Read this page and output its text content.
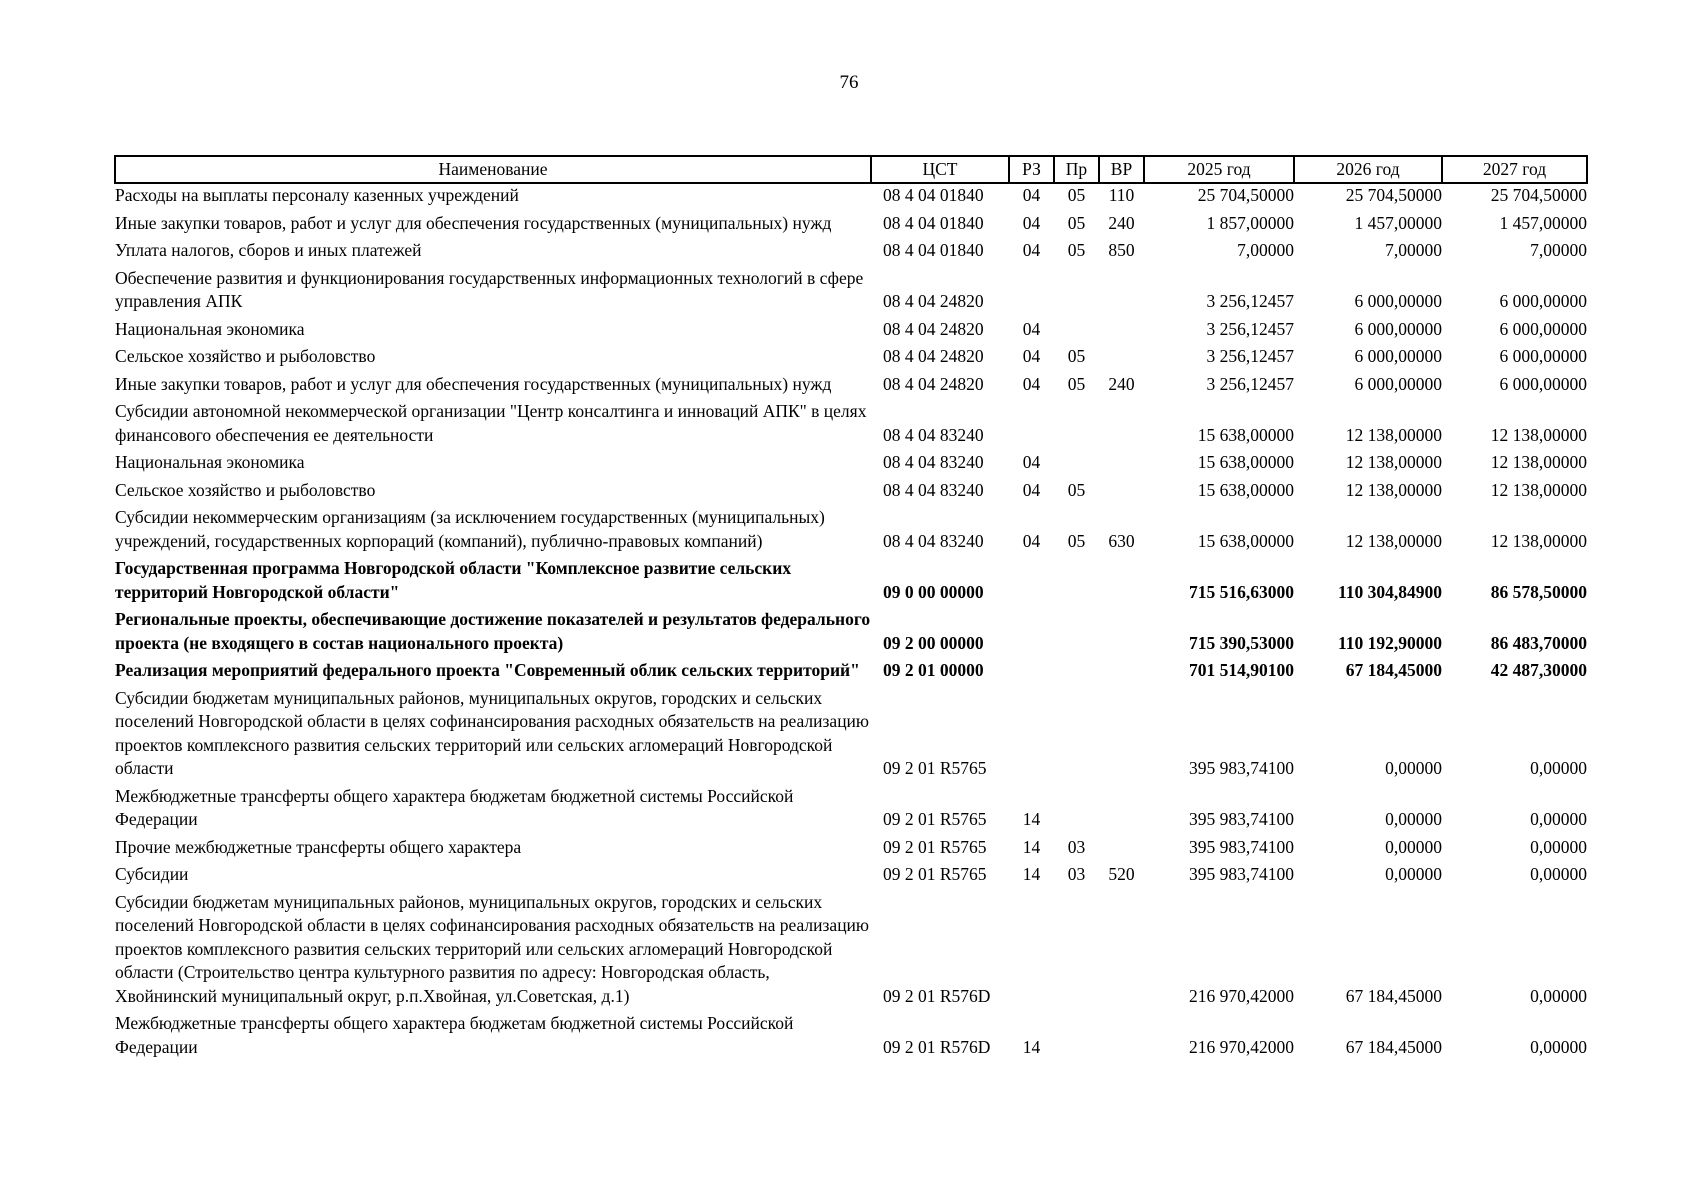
76
Наименование	ЦСТ	РЗ	Пр	ВР	2025 год	2026 год	2027 год
Расходы на выплаты персоналу казенных учреждений	08 4 04 01840	04	05	110	25 704,50000	25 704,50000	25 704,50000
Иные закупки товаров, работ и услуг для обеспечения государственных (муниципальных) нужд	08 4 04 01840	04	05	240	1 857,00000	1 457,00000	1 457,00000
Уплата налогов, сборов и иных платежей	08 4 04 01840	04	05	850	7,00000	7,00000	7,00000
Обеспечение развития и функционирования государственных информационных технологий в сфере управления АПК	08 4 04 24820				3 256,12457	6 000,00000	6 000,00000
Национальная экономика	08 4 04 24820	04			3 256,12457	6 000,00000	6 000,00000
Сельское хозяйство и рыболовство	08 4 04 24820	04	05		3 256,12457	6 000,00000	6 000,00000
Иные закупки товаров, работ и услуг для обеспечения государственных (муниципальных) нужд	08 4 04 24820	04	05	240	3 256,12457	6 000,00000	6 000,00000
Субсидии автономной некоммерческой организации "Центр консалтинга и инноваций АПК" в целях финансового обеспечения ее деятельности	08 4 04 83240				15 638,00000	12 138,00000	12 138,00000
Национальная экономика	08 4 04 83240	04			15 638,00000	12 138,00000	12 138,00000
Сельское хозяйство и рыболовство	08 4 04 83240	04	05		15 638,00000	12 138,00000	12 138,00000
Субсидии некоммерческим организациям (за исключением государственных (муниципальных) учреждений, государственных корпораций (компаний), публично-правовых компаний)	08 4 04 83240	04	05	630	15 638,00000	12 138,00000	12 138,00000
Государственная программа Новгородской области "Комплексное развитие сельских территорий Новгородской области"	09 0 00 00000				715 516,63000	110 304,84900	86 578,50000
Региональные проекты, обеспечивающие достижение показателей и результатов федерального проекта (не входящего в состав национального проекта)	09 2 00 00000				715 390,53000	110 192,90000	86 483,70000
Реализация мероприятий федерального проекта "Современный облик сельских территорий"	09 2 01 00000				701 514,90100	67 184,45000	42 487,30000
Субсидии бюджетам муниципальных районов, муниципальных округов, городских и сельских поселений Новгородской области в целях софинансирования расходных обязательств на реализацию проектов комплексного развития сельских территорий или сельских агломераций Новгородской области	09 2 01 R5765				395 983,74100	0,00000	0,00000
Межбюджетные трансферты общего характера бюджетам бюджетной системы Российской Федерации	09 2 01 R5765	14			395 983,74100	0,00000	0,00000
Прочие межбюджетные трансферты общего характера	09 2 01 R5765	14	03		395 983,74100	0,00000	0,00000
Субсидии	09 2 01 R5765	14	03	520	395 983,74100	0,00000	0,00000
Субсидии бюджетам муниципальных районов, муниципальных округов, городских и сельских поселений Новгородской области в целях софинансирования расходных обязательств на реализацию проектов комплексного развития сельских территорий или сельских агломераций Новгородской области (Строительство центра культурного развития по адресу: Новгородская область, Хвойнинский муниципальный округ, р.п.Хвойная, ул.Советская, д.1)	09 2 01 R576D				216 970,42000	67 184,45000	0,00000
Межбюджетные трансферты общего характера бюджетам бюджетной системы Российской Федерации	09 2 01 R576D	14			216 970,42000	67 184,45000	0,00000
